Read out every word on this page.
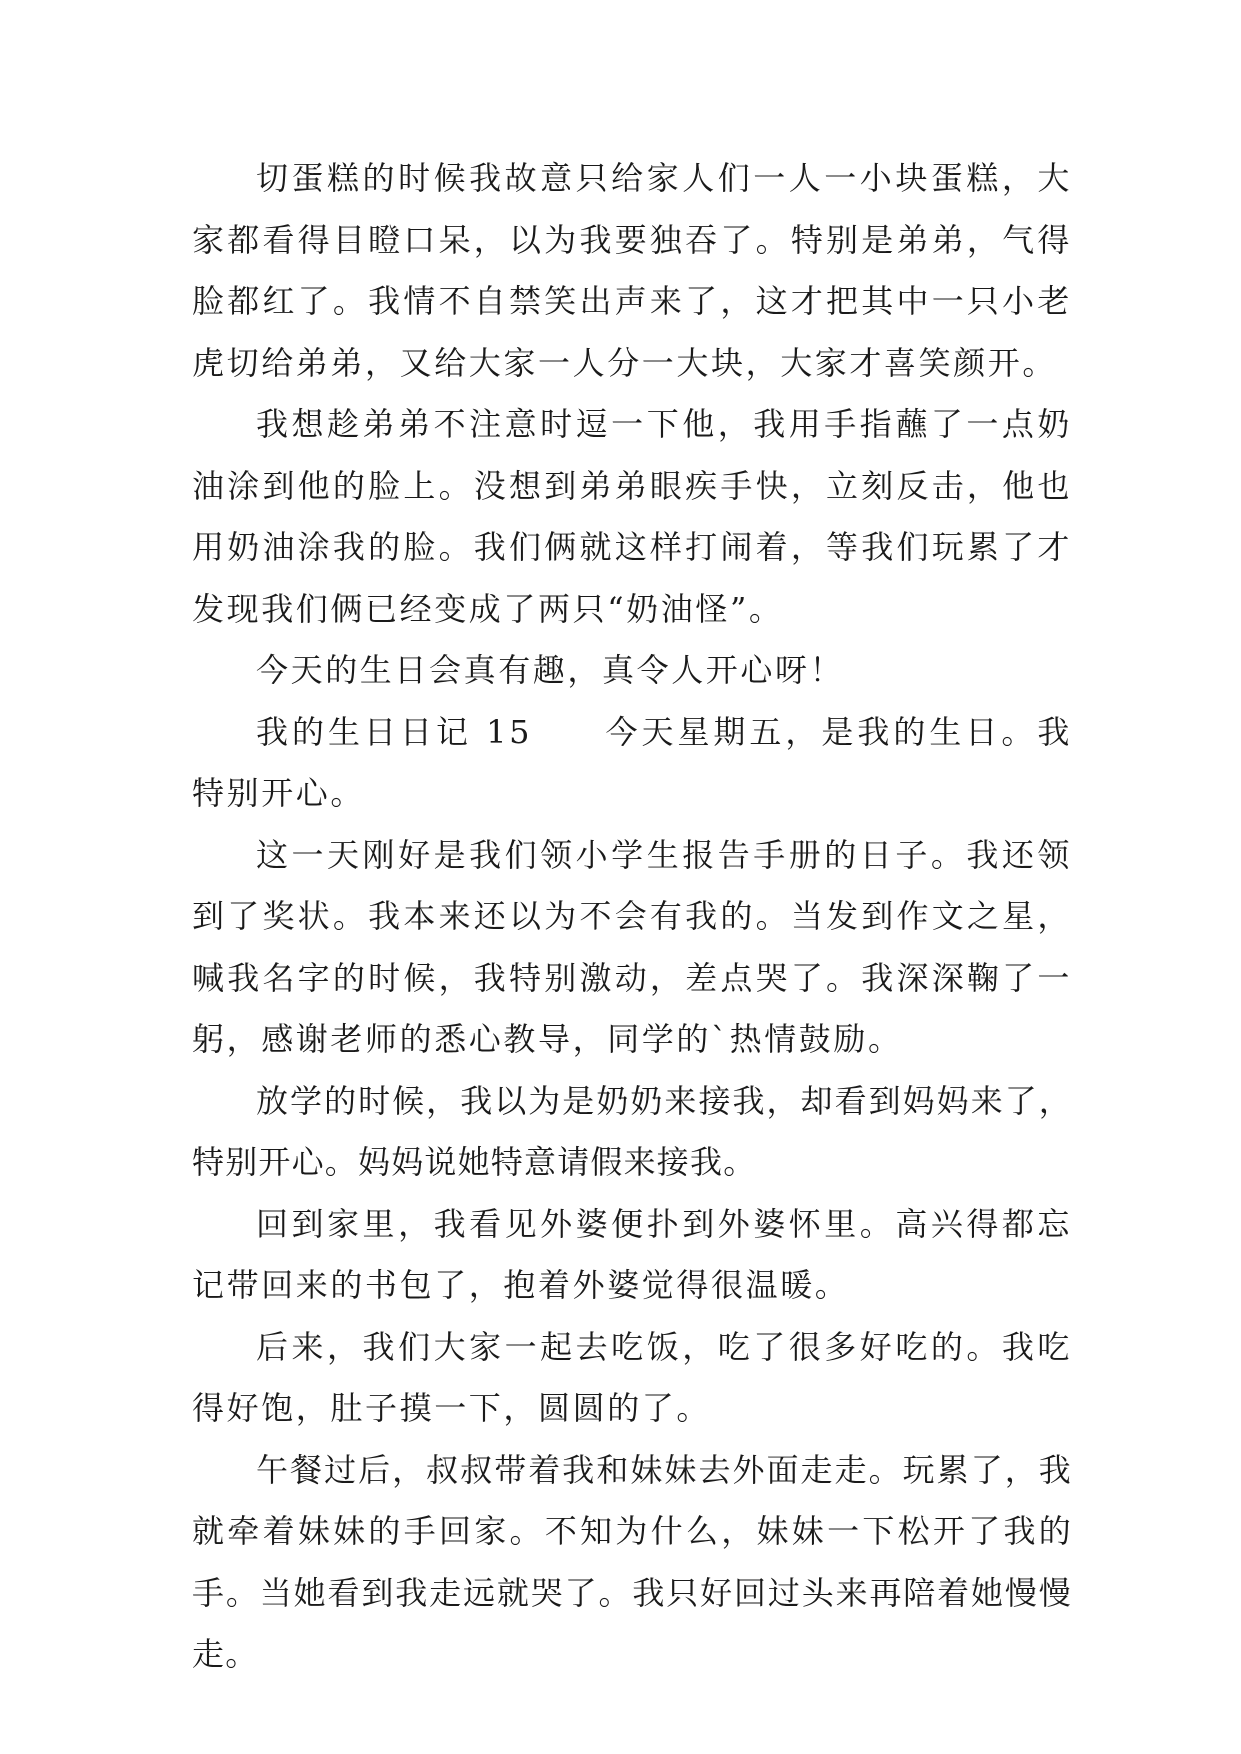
切蛋糕的时候我故意只给家人们一人一小块蛋糕，大家都看得目瞪口呆，以为我要独吞了。特别是弟弟，气得脸都红了。我情不自禁笑出声来了，这才把其中一只小老虎切给弟弟，又给大家一人分一大块，大家才喜笑颜开。

我想趁弟弟不注意时逗一下他，我用手指蘸了一点奶油涂到他的脸上。没想到弟弟眼疾手快，立刻反击，他也用奶油涂我的脸。我们俩就这样打闹着，等我们玩累了才发现我们俩已经变成了两只“奶油怪”。

今天的生日会真有趣，真令人开心呀！

我的生日日记 15　　今天星期五，是我的生日。我特别开心。

这一天刚好是我们领小学生报告手册的日子。我还领到了奖状。我本来还以为不会有我的。当发到作文之星，喊我名字的时候，我特别激动，差点哭了。我深深鞠了一躬，感谢老师的悉心教导，同学的`热情鼓励。

放学的时候，我以为是奶奶来接我，却看到妈妈来了，特别开心。妈妈说她特意请假来接我。

回到家里，我看见外婆便扑到外婆怀里。高兴得都忘记带回来的书包了，抱着外婆觉得很温暖。

后来，我们大家一起去吃饭，吃了很多好吃的。我吃得好饱，肚子摸一下，圆圆的了。

午餐过后，叔叔带着我和妹妹去外面走走。玩累了，我就牵着妹妹的手回家。不知为什么，妹妹一下松开了我的手。当她看到我走远就哭了。我只好回过头来再陪着她慢慢走。
